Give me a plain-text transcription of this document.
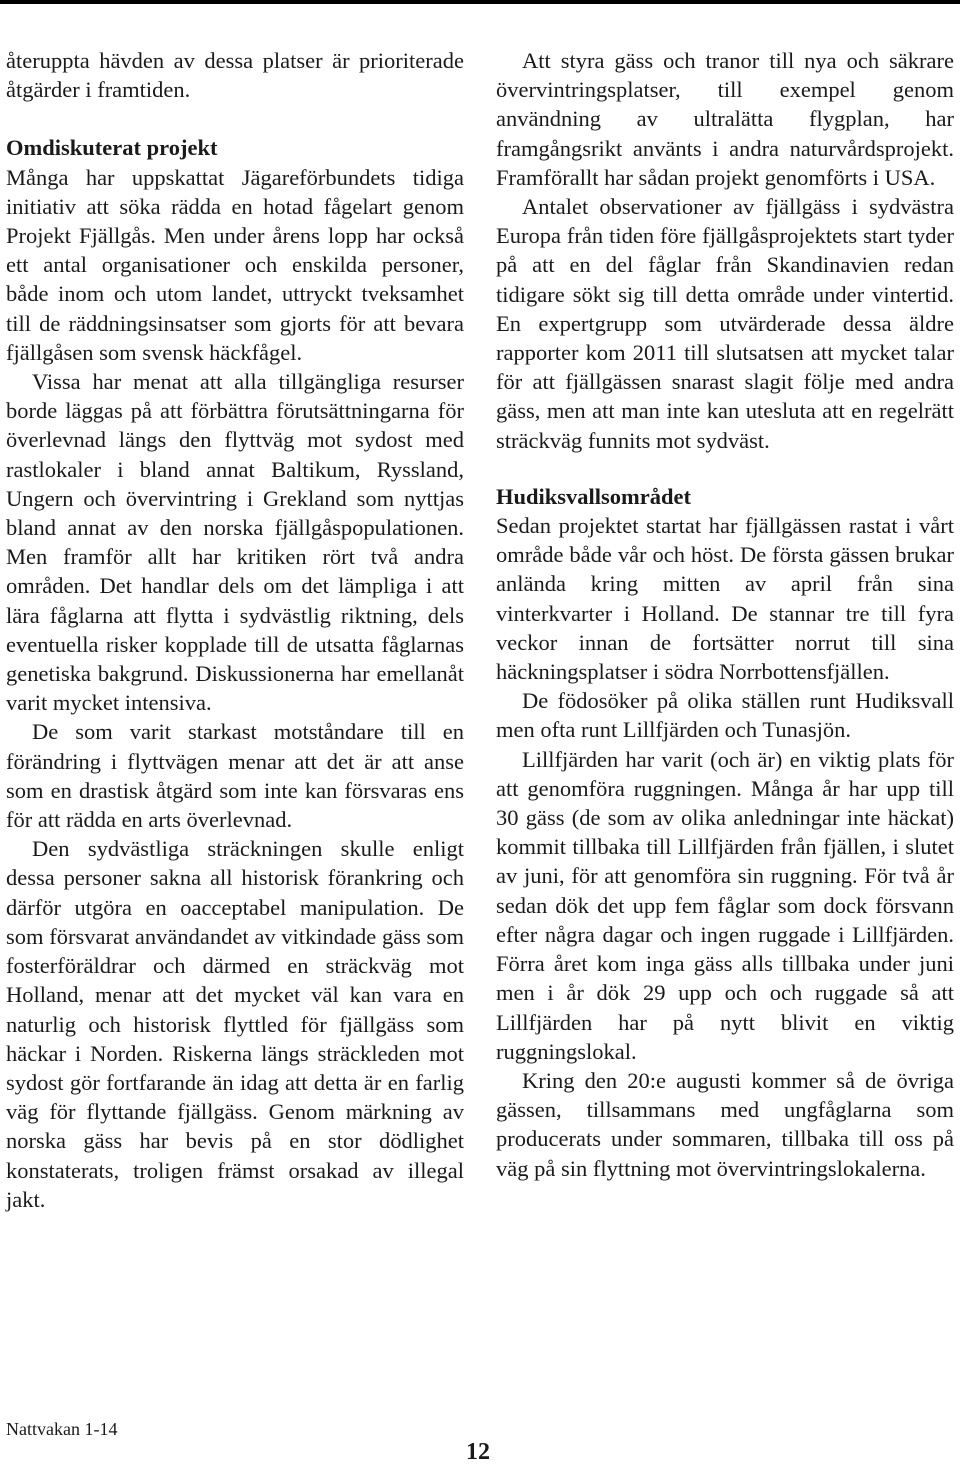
återuppta hävden av dessa platser är prioriterade åtgärder i framtiden.

Omdiskuterat projekt

Många har uppskattat Jägareförbundets tidiga initiativ att söka rädda en hotad fågelart genom Projekt Fjällgås. Men under årens lopp har också ett antal organisationer och enskilda personer, både inom och utom landet, uttryckt tveksamhet till de räddningsinsatser som gjorts för att bevara fjällgåsen som svensk häckfågel.

Vissa har menat att alla tillgängliga resurser borde läggas på att förbättra förutsättningarna för överlevnad längs den flyttväg mot sydost med rastlokaler i bland annat Baltikum, Ryssland, Ungern och övervintring i Grekland som nyttjas bland annat av den norska fjällgåspopulationen. Men framför allt har kritiken rört två andra områden. Det handlar dels om det lämpliga i att lära fåglarna att flytta i sydvästlig riktning, dels eventuella risker kopplade till de utsatta fåglarnas genetiska bakgrund. Diskussionerna har emellanåt varit mycket intensiva.

De som varit starkast motståndare till en förändring i flyttvägen menar att det är att anse som en drastisk åtgärd som inte kan försvaras ens för att rädda en arts överlevnad.

Den sydvästliga sträckningen skulle enligt dessa personer sakna all historisk förankring och därför utgöra en oacceptabel manipulation. De som försvarat användandet av vitkindade gäss som fosterföräldrar och därmed en sträckväg mot Holland, menar att det mycket väl kan vara en naturlig och historisk flyttled för fjällgäss som häckar i Norden. Riskerna längs sträckleden mot sydost gör fortfarande än idag att detta är en farlig väg för flyttande fjällgäss. Genom märkning av norska gäss har bevis på en stor dödlighet konstaterats, troligen främst orsakad av illegal jakt.

Att styra gäss och tranor till nya och säkrare övervintringsplatser, till exempel genom användning av ultralätta flygplan, har framgångsrikt använts i andra naturvårdsprojekt. Framförallt har sådan projekt genomförts i USA.

Antalet observationer av fjällgäss i sydvästra Europa från tiden före fjällgåsprojektets start tyder på att en del fåglar från Skandinavien redan tidigare sökt sig till detta område under vintertid. En expertgrupp som utvärderade dessa äldre rapporter kom 2011 till slutsatsen att mycket talar för att fjällgässen snarast slagit följe med andra gäss, men att man inte kan utesluta att en regelrätt sträckväg funnits mot sydväst.

Hudiksvallsområdet

Sedan projektet startat har fjällgässen rastat i vårt område både vår och höst. De första gässen brukar anlända kring mitten av april från sina vinterkvarter i Holland. De stannar tre till fyra veckor innan de fortsätter norrut till sina häckningsplatser i södra Norrbottensfjällen.

De födosöker på olika ställen runt Hudiksvall men ofta runt Lillfjärden och Tunasjön.

Lillfjärden har varit (och är) en viktig plats för att genomföra ruggningen. Många år har upp till 30 gäss (de som av olika anledningar inte häckat) kommit tillbaka till Lillfjärden från fjällen, i slutet av juni, för att genomföra sin ruggning. För två år sedan dök det upp fem fåglar som dock försvann efter några dagar och ingen ruggade i Lillfjärden. Förra året kom inga gäss alls tillbaka under juni men i år dök 29 upp och och ruggade så att Lillfjärden har på nytt blivit en viktig ruggningslokal.

Kring den 20:e augusti kommer så de övriga gässen, tillsammans med ungfåglarna som producerats under sommaren, tillbaka till oss på väg på sin flyttning mot övervintringslokalerna.

Nattvakan 1-14
12
